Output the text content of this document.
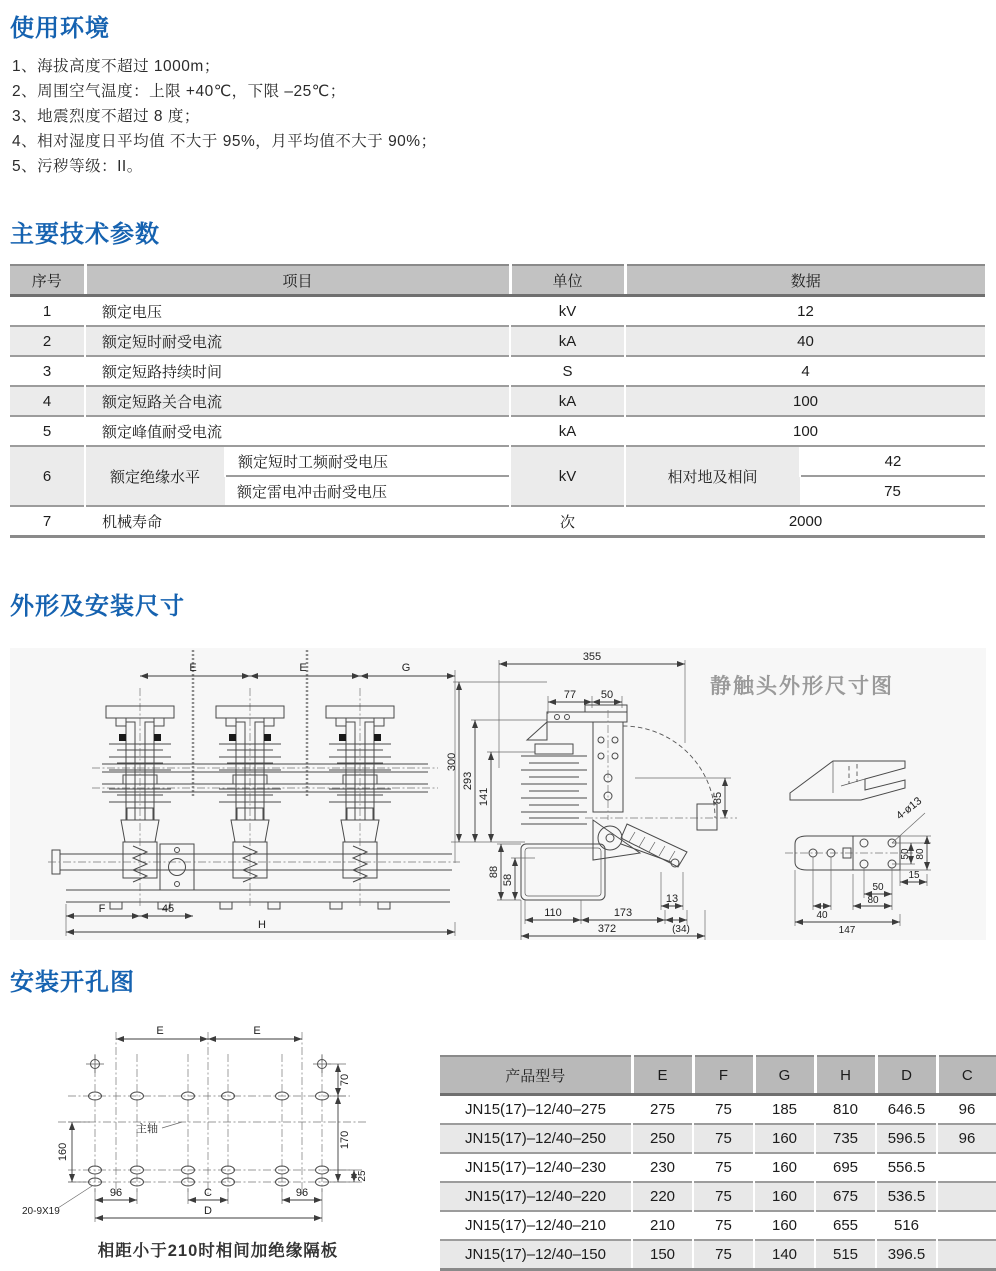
使用环境
1、海拔高度不超过 1000m；
2、周围空气温度：上限 +40℃，下限 –25℃；
3、地震烈度不超过 8 度；
4、相对湿度日平均值 不大于 95%，月平均值不大于 90%；
5、污秽等级：II。
主要技术参数
序号	项目		单位	数据	
1	额定电压		kV	12	
2	额定短时耐受电流		kA	40	
3	额定短路持续时间		S	4	
4	额定短路关合电流		kA	100	
5	额定峰值耐受电流		kA	100	
6	额定绝缘水平	额定短时工频耐受电压	kV	相对地及相间	42
		额定雷电冲击耐受电压			75
7	机械寿命		次	2000	
外形及安装尺寸
E	E	G
F	45
H
355
77 50
300
293
141	85
88
58
13
110	173
(34)
372
静触头外形尺寸图
4-ø13
50 80
15
50
80
40
147
安装开孔图
E	E
70
170
25
160
主轴
20-9X19
96	C	96
D
相距小于210时相间加绝缘隔板
产品型号	E	F	G	H	D	C
JN15(17)–12/40–275	275	75	185	810	646.5	96
JN15(17)–12/40–250	250	75	160	735	596.5	96
JN15(17)–12/40–230	230	75	160	695	556.5	
JN15(17)–12/40–220	220	75	160	675	536.5	
JN15(17)–12/40–210	210	75	160	655	516	
JN15(17)–12/40–150	150	75	140	515	396.5	
